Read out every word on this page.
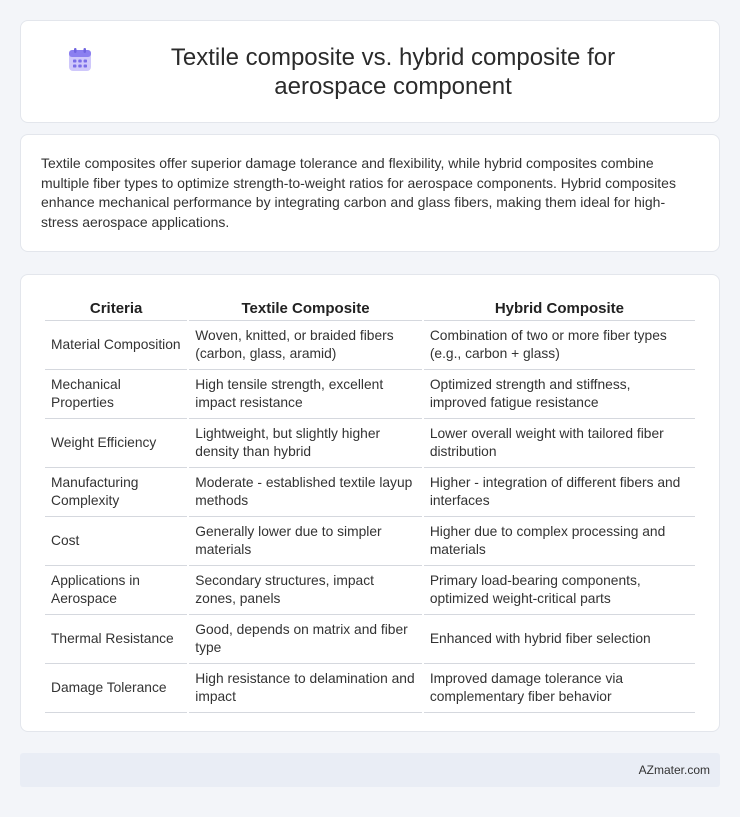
Textile composite vs. hybrid composite for aerospace component

Textile composites offer superior damage tolerance and flexibility, while hybrid composites combine multiple fiber types to optimize strength-to-weight ratios for aerospace components. Hybrid composites enhance mechanical performance by integrating carbon and glass fibers, making them ideal for high-stress aerospace applications.

Criteria	Textile Composite	Hybrid Composite
Material Composition	Woven, knitted, or braided fibers (carbon, glass, aramid)	Combination of two or more fiber types (e.g., carbon + glass)
Mechanical Properties	High tensile strength, excellent impact resistance	Optimized strength and stiffness, improved fatigue resistance
Weight Efficiency	Lightweight, but slightly higher density than hybrid	Lower overall weight with tailored fiber distribution
Manufacturing Complexity	Moderate - established textile layup methods	Higher - integration of different fibers and interfaces
Cost	Generally lower due to simpler materials	Higher due to complex processing and materials
Applications in Aerospace	Secondary structures, impact zones, panels	Primary load-bearing components, optimized weight-critical parts
Thermal Resistance	Good, depends on matrix and fiber type	Enhanced with hybrid fiber selection
Damage Tolerance	High resistance to delamination and impact	Improved damage tolerance via complementary fiber behavior
AZmater.com
